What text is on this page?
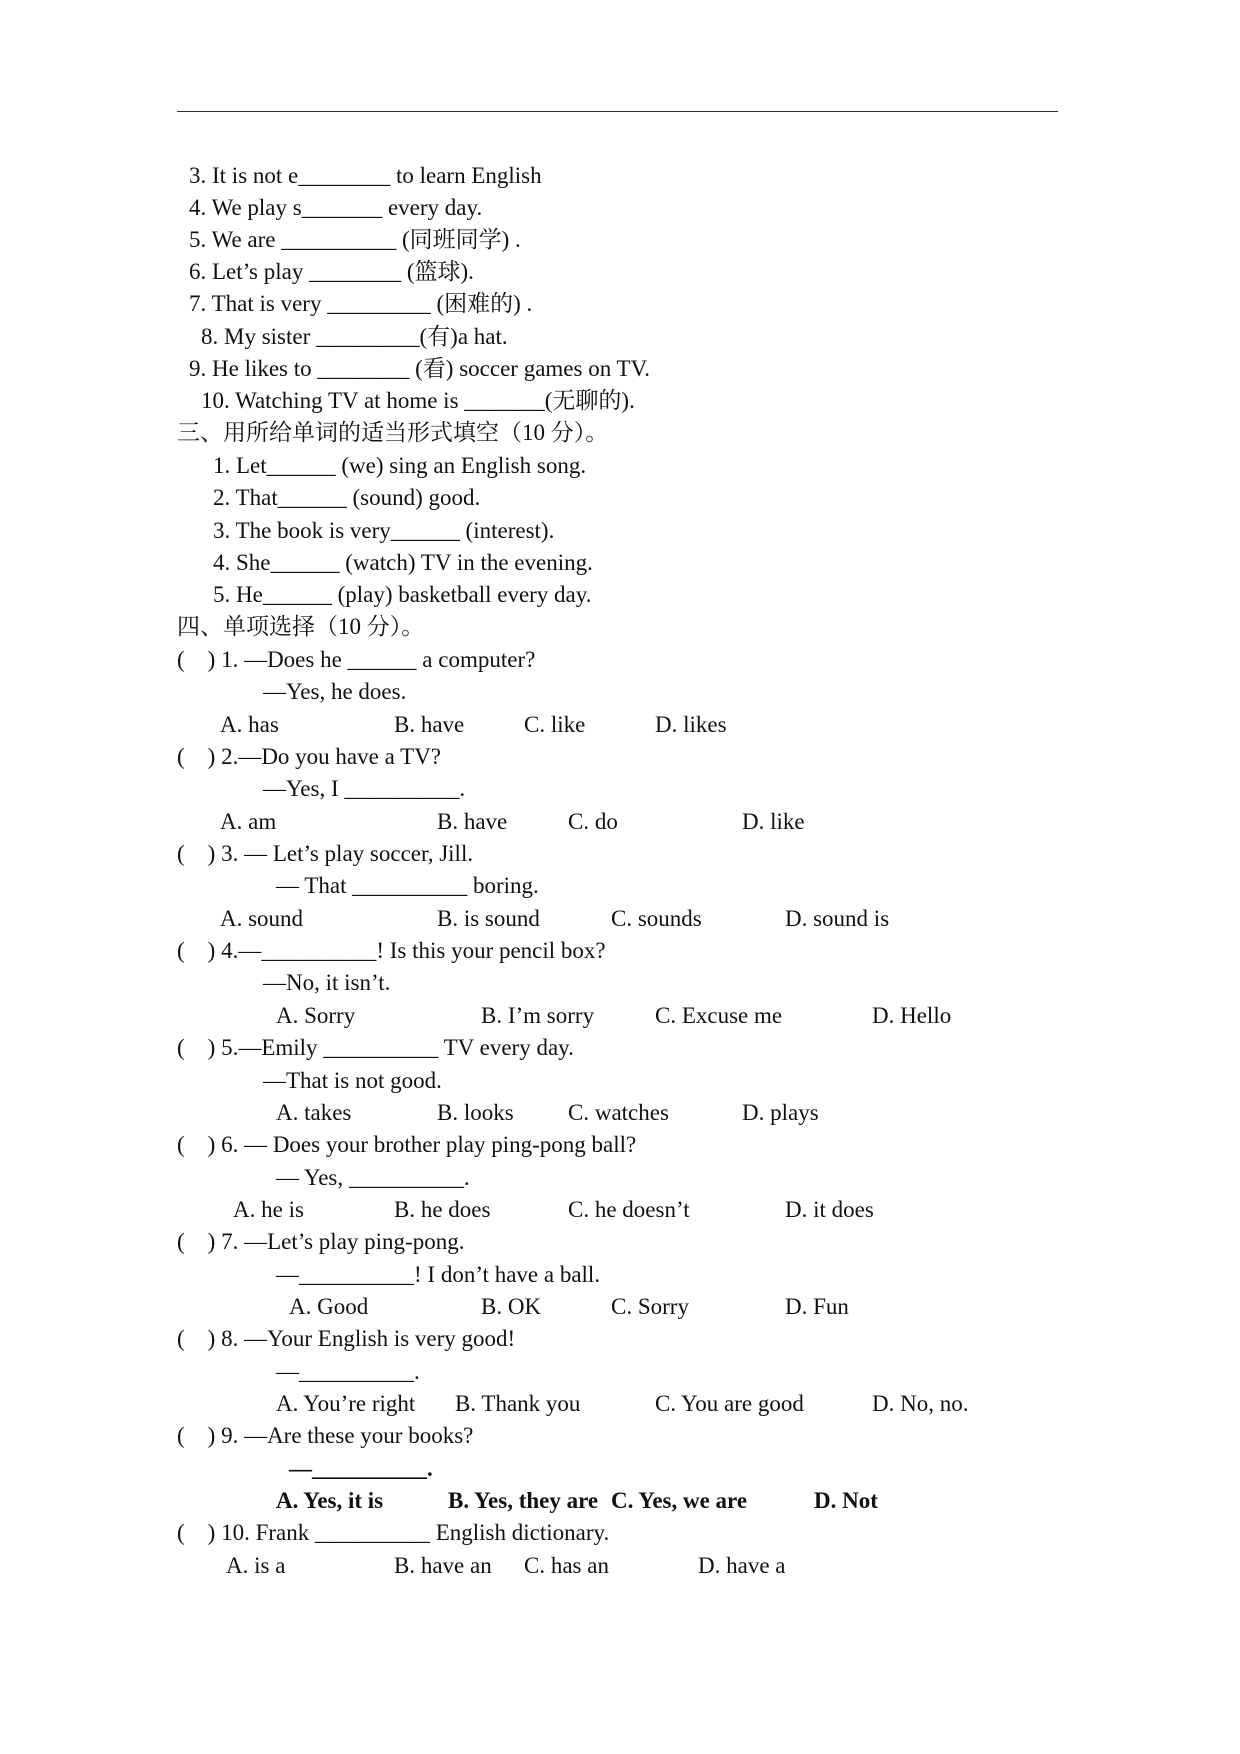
3. It is not e________ to learn English
4. We play s_______ every day.
5. We are __________ (同班同学) .
6. Let’s play ________ (篮球).
7. That is very _________ (困难的) .
8. My sister _________(有)a hat.
9. He likes to ________ (看) soccer games on TV.
10. Watching TV at home is _______(无聊的).
三、用所给单词的适当形式填空（10 分）。
1. Let______ (we) sing an English song.
2. That______ (sound) good.
3. The book is very______ (interest).
4. She______ (watch) TV in the evening.
5. He______ (play) basketball every day.
四、单项选择（10 分）。
(    ) 1. —Does he ______ a computer?
—Yes, he does.
A. has	B. have	C. like	D. likes
(    ) 2.—Do you have a TV?
—Yes, I __________.
A. am	B. have	C. do	D. like
(    ) 3. — Let’s play soccer, Jill.
— That __________ boring.
A. sound	B. is sound	C. sounds	D. sound is
(    ) 4.—__________! Is this your pencil box?
—No, it isn’t.
A. Sorry	B. I’m sorry	C. Excuse me	D. Hello
(    ) 5.—Emily __________ TV every day.
—That is not good.
A. takes	B. looks C. watches	D. plays
(    ) 6. — Does your brother play ping-pong ball?
— Yes, __________.
A. he is	B. he does	C. he doesn’t	D. it does
(    ) 7. —Let’s play ping-pong.
—__________! I don’t have a ball.
A. Good	B. OK	C. Sorry	D. Fun
(    ) 8. —Your English is very good!
—__________.
A. You’re right B. Thank you	C. You are good	D. No, no.
(    ) 9. —Are these your books?
—__________.
A. Yes, it is	B. Yes, they are C. Yes, we are	D. Not
(    ) 10. Frank __________ English dictionary.
A. is a	B. have an C. has an	D. have a
